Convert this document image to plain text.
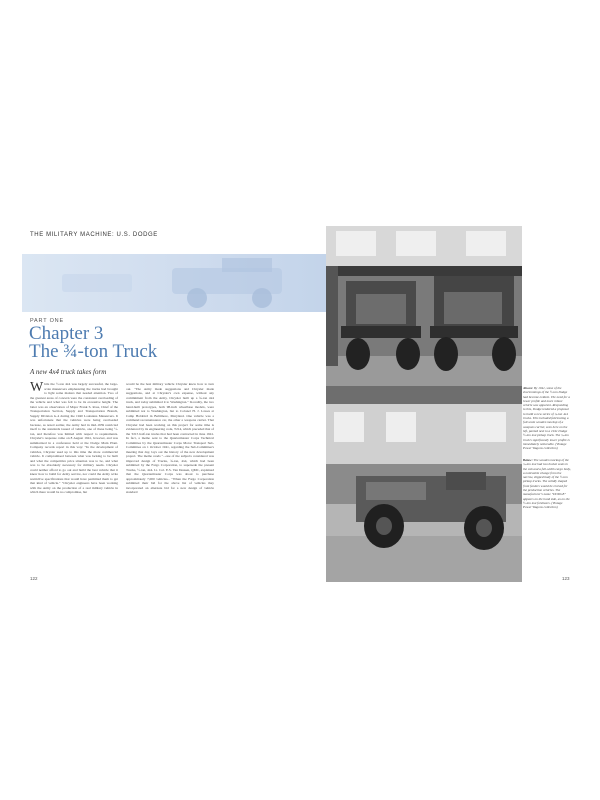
THE MILITARY MACHINE: U.S. DODGE
PART ONE
Chapter 3
The ¾-ton Truck
A new 4x4 truck takes form
W hile the ½-ton 4x4 was largely successful, the large-scale maneuvers emphasizing the trucks had brought to light some matters that needed attention. Two of the greatest areas of concern were the consistent overloading of the vehicle and what was felt to be its excessive height. The latter was an observation of Major Frank S. Ross, Chief of the Transportation Section, Supply and Transportation Branch, Supply Division G-4 during the 1940 Louisiana Maneuvers. It was unfortunate that the vehicles were being overloaded because, as noted earlier, the Army had in mid-1939 restricted itself to the standards issued of vehicle, one of these being ½-ton, and therefore was limited with respect to requirements. Chrysler's response came on 8 August 1941, however, and was summarized in a conference held at the Dodge Main Plant. Company records report in this way: "In the development of vehicles, Chrysler used up to this time the more commercial vehicle. It compromised between what was lacking to be built and what the competitive price situation was to be, and what was to be absolutely necessary for military needs. Chrysler could neither afford to go out and build the best vehicle that it knew how to build for Army service, nor could the Army write restrictive specifications that would have permitted them to get that kind of vehicle." "Chrysler engineers have been working with the Army on the production of a real military vehicle in which there would be no compromise, but
would be the best military vehicle Chrysler knew how to turn out. "The Army made suggestions and Chrysler made suggestions, and at Chrysler's own expense, without any commitment from the Army, Chrysler built up a ¾-ton 4x4 truck, and today submitted it to Washington." In reality, the two hand-built prototypes, both 98-inch wheelbase models, were submitted not to Washington, but to Colonel H. J. Lawes at Camp Holabird in Baltimore, Maryland. One vehicle was a command reconnaissance car, the other a weapons carrier. That Chrysler had been working on this project for some time is evidenced by its engineering code, T214, which preceded that of the T215 half-ton trucks that had been contracted in June 1941. In fact, a memo sent to the Quartermaster Corps Technical Committee by the Quartermaster Corps Motor Transport Sub-Committee on 1 October 1941, regarding the Sub-Committee's meeting that day, lays out the history of the new development project. The memo reads "...one of the subjects considered was improved design of Trucks, ¾-ton, 4x4, which had been submitted by the Fargo Corporation, to supersede the present Trucks, ½-ton, 4x4. Lt. Col. E.S. Van Deusen, QMC, explained that the Quartermaster Corps was about to purchase approximately 7,000 vehicles... "When the Fargo Corporation submitted their bid for the above list of vehicles they incorporated an alternate bid for a new design of vehicle standard
Above: By 1941, some of the shortcomings of the ½-ton Dodge had become evident. The need for a lower profile and more robust vehicle was apparent. Responding to this, Dodge tendered a proposal to build a new series of ¾-ton 4x4 trucks. This included fabricating a full-scale wooden mockup of a weapons carrier, seen here on the left, parked next to a 1941 Dodge ½-ton 4x4 pickup truck. The ¾-ton truck's significantly lower profile is immediately noticeable. (Vintage Power Wagons collection)
Below: The wooden mockup of the ¾-ton 4x4 had two bucket seats in the cab and a full-width cargo body, a noticeable change from the narrow, slipped body of the ½-ton pickup trucks. The solidly shaped front fenders would be revised for the production vehicles. The manufacturer's name "DODGE" appears on the hood side, as on the ½-ton 4x4 forebears. (Vintage Power Wagons collection)
122	123
